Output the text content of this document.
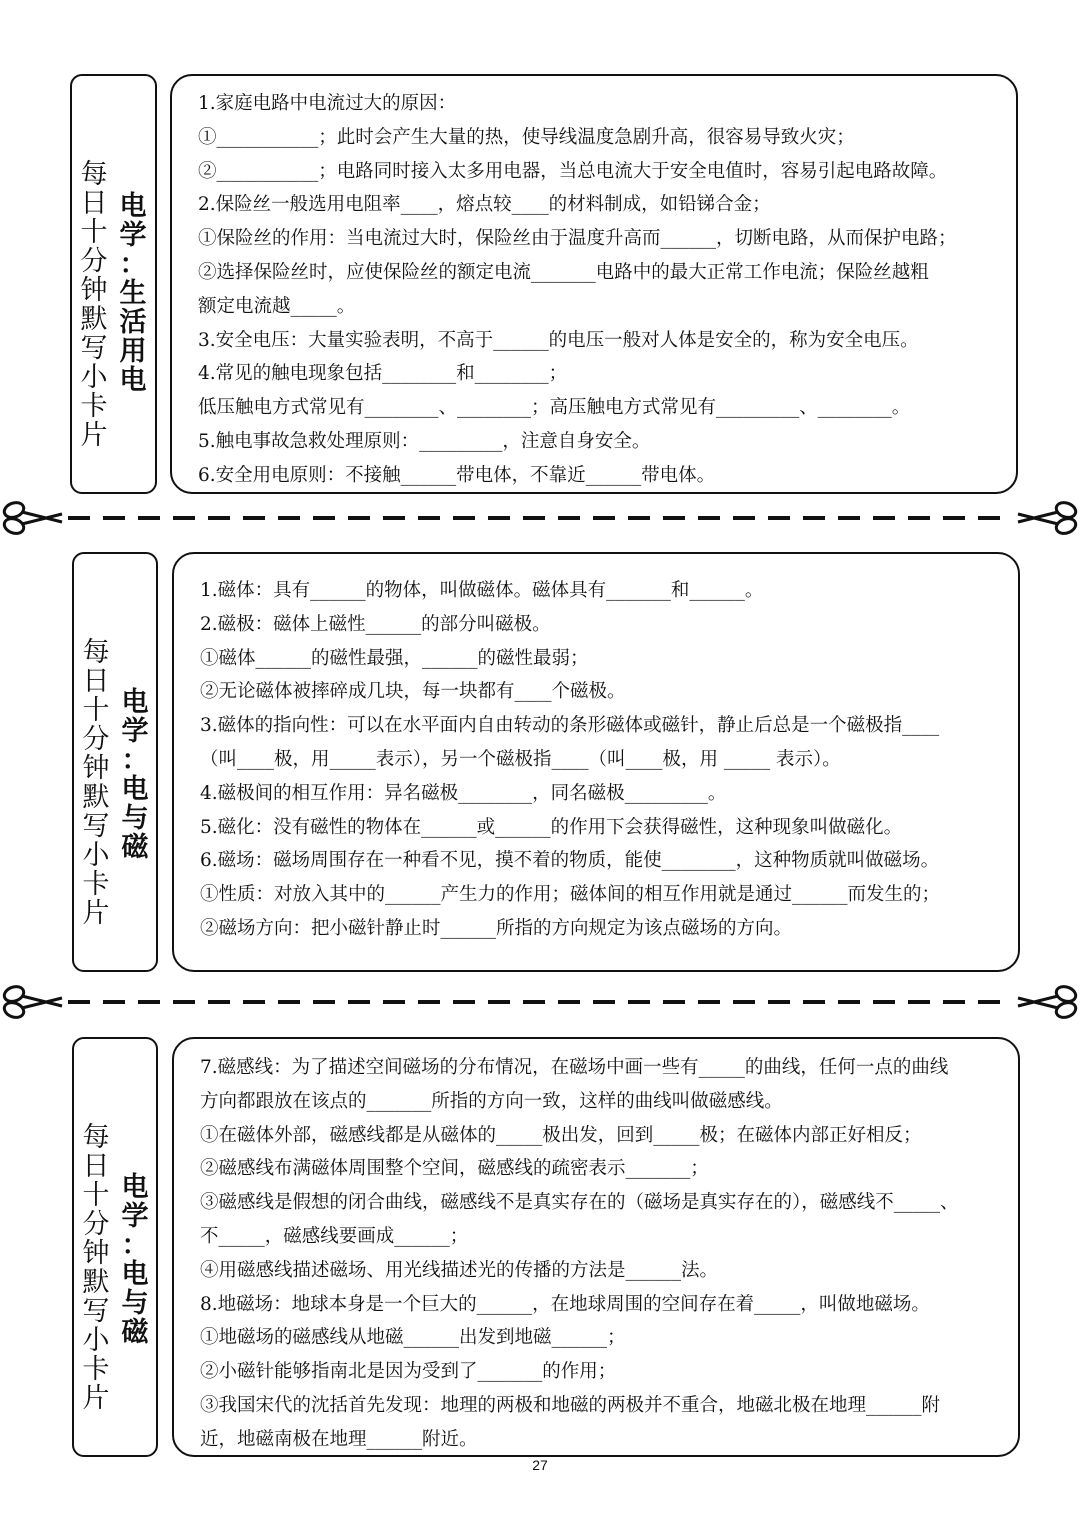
每
日
十
分
钟
默
写
小
卡
片
电
学
：
生
活
用
电
1.家庭电路中电流过大的原因：
①___________；此时会产生大量的热，使导线温度急剧升高，很容易导致火灾；
②___________；电路同时接入太多用电器，当总电流大于安全电值时，容易引起电路故障。
2.保险丝一般选用电阻率____，熔点较____的材料制成，如铅锑合金；
①保险丝的作用：当电流过大时，保险丝由于温度升高而______，切断电路，从而保护电路；
②选择保险丝时，应使保险丝的额定电流_______电路中的最大正常工作电流；保险丝越粗
额定电流越_____。
3.安全电压：大量实验表明，不高于______的电压一般对人体是安全的，称为安全电压。
4.常见的触电现象包括________和________；
低压触电方式常见有________、________；高压触电方式常见有_________、________。
5.触电事故急救处理原则：_________，注意自身安全。
6.安全用电原则：不接触______带电体，不靠近______带电体。
每
日
十
分
钟
默
写
小
卡
片
电
学
：
电
与
磁
1.磁体：具有______的物体，叫做磁体。磁体具有_______和______。
2.磁极：磁体上磁性______的部分叫磁极。
①磁体______的磁性最强，______的磁性最弱；
②无论磁体被摔碎成几块，每一块都有____个磁极。
3.磁体的指向性：可以在水平面内自由转动的条形磁体或磁针，静止后总是一个磁极指____
（叫____极，用_____表示），另一个磁极指____（叫____极，用 _____ 表示）。
4.磁极间的相互作用：异名磁极________，同名磁极_________。
5.磁化：没有磁性的物体在______或______的作用下会获得磁性，这种现象叫做磁化。
6.磁场：磁场周围存在一种看不见，摸不着的物质，能使________，这种物质就叫做磁场。
①性质：对放入其中的______产生力的作用；磁体间的相互作用就是通过______而发生的；
②磁场方向：把小磁针静止时______所指的方向规定为该点磁场的方向。
每
日
十
分
钟
默
写
小
卡
片
电
学
：
电
与
磁
7.磁感线：为了描述空间磁场的分布情况，在磁场中画一些有_____的曲线，任何一点的曲线
方向都跟放在该点的_______所指的方向一致，这样的曲线叫做磁感线。
①在磁体外部，磁感线都是从磁体的_____极出发，回到_____极；在磁体内部正好相反；
②磁感线布满磁体周围整个空间，磁感线的疏密表示_______；
③磁感线是假想的闭合曲线，磁感线不是真实存在的（磁场是真实存在的），磁感线不_____、
不_____，磁感线要画成______；
④用磁感线描述磁场、用光线描述光的传播的方法是______法。
8.地磁场：地球本身是一个巨大的______，在地球周围的空间存在着_____，叫做地磁场。
①地磁场的磁感线从地磁______出发到地磁______；
②小磁针能够指南北是因为受到了_______的作用；
③我国宋代的沈括首先发现：地理的两极和地磁的两极并不重合，地磁北极在地理______附
近，地磁南极在地理______附近。
27
